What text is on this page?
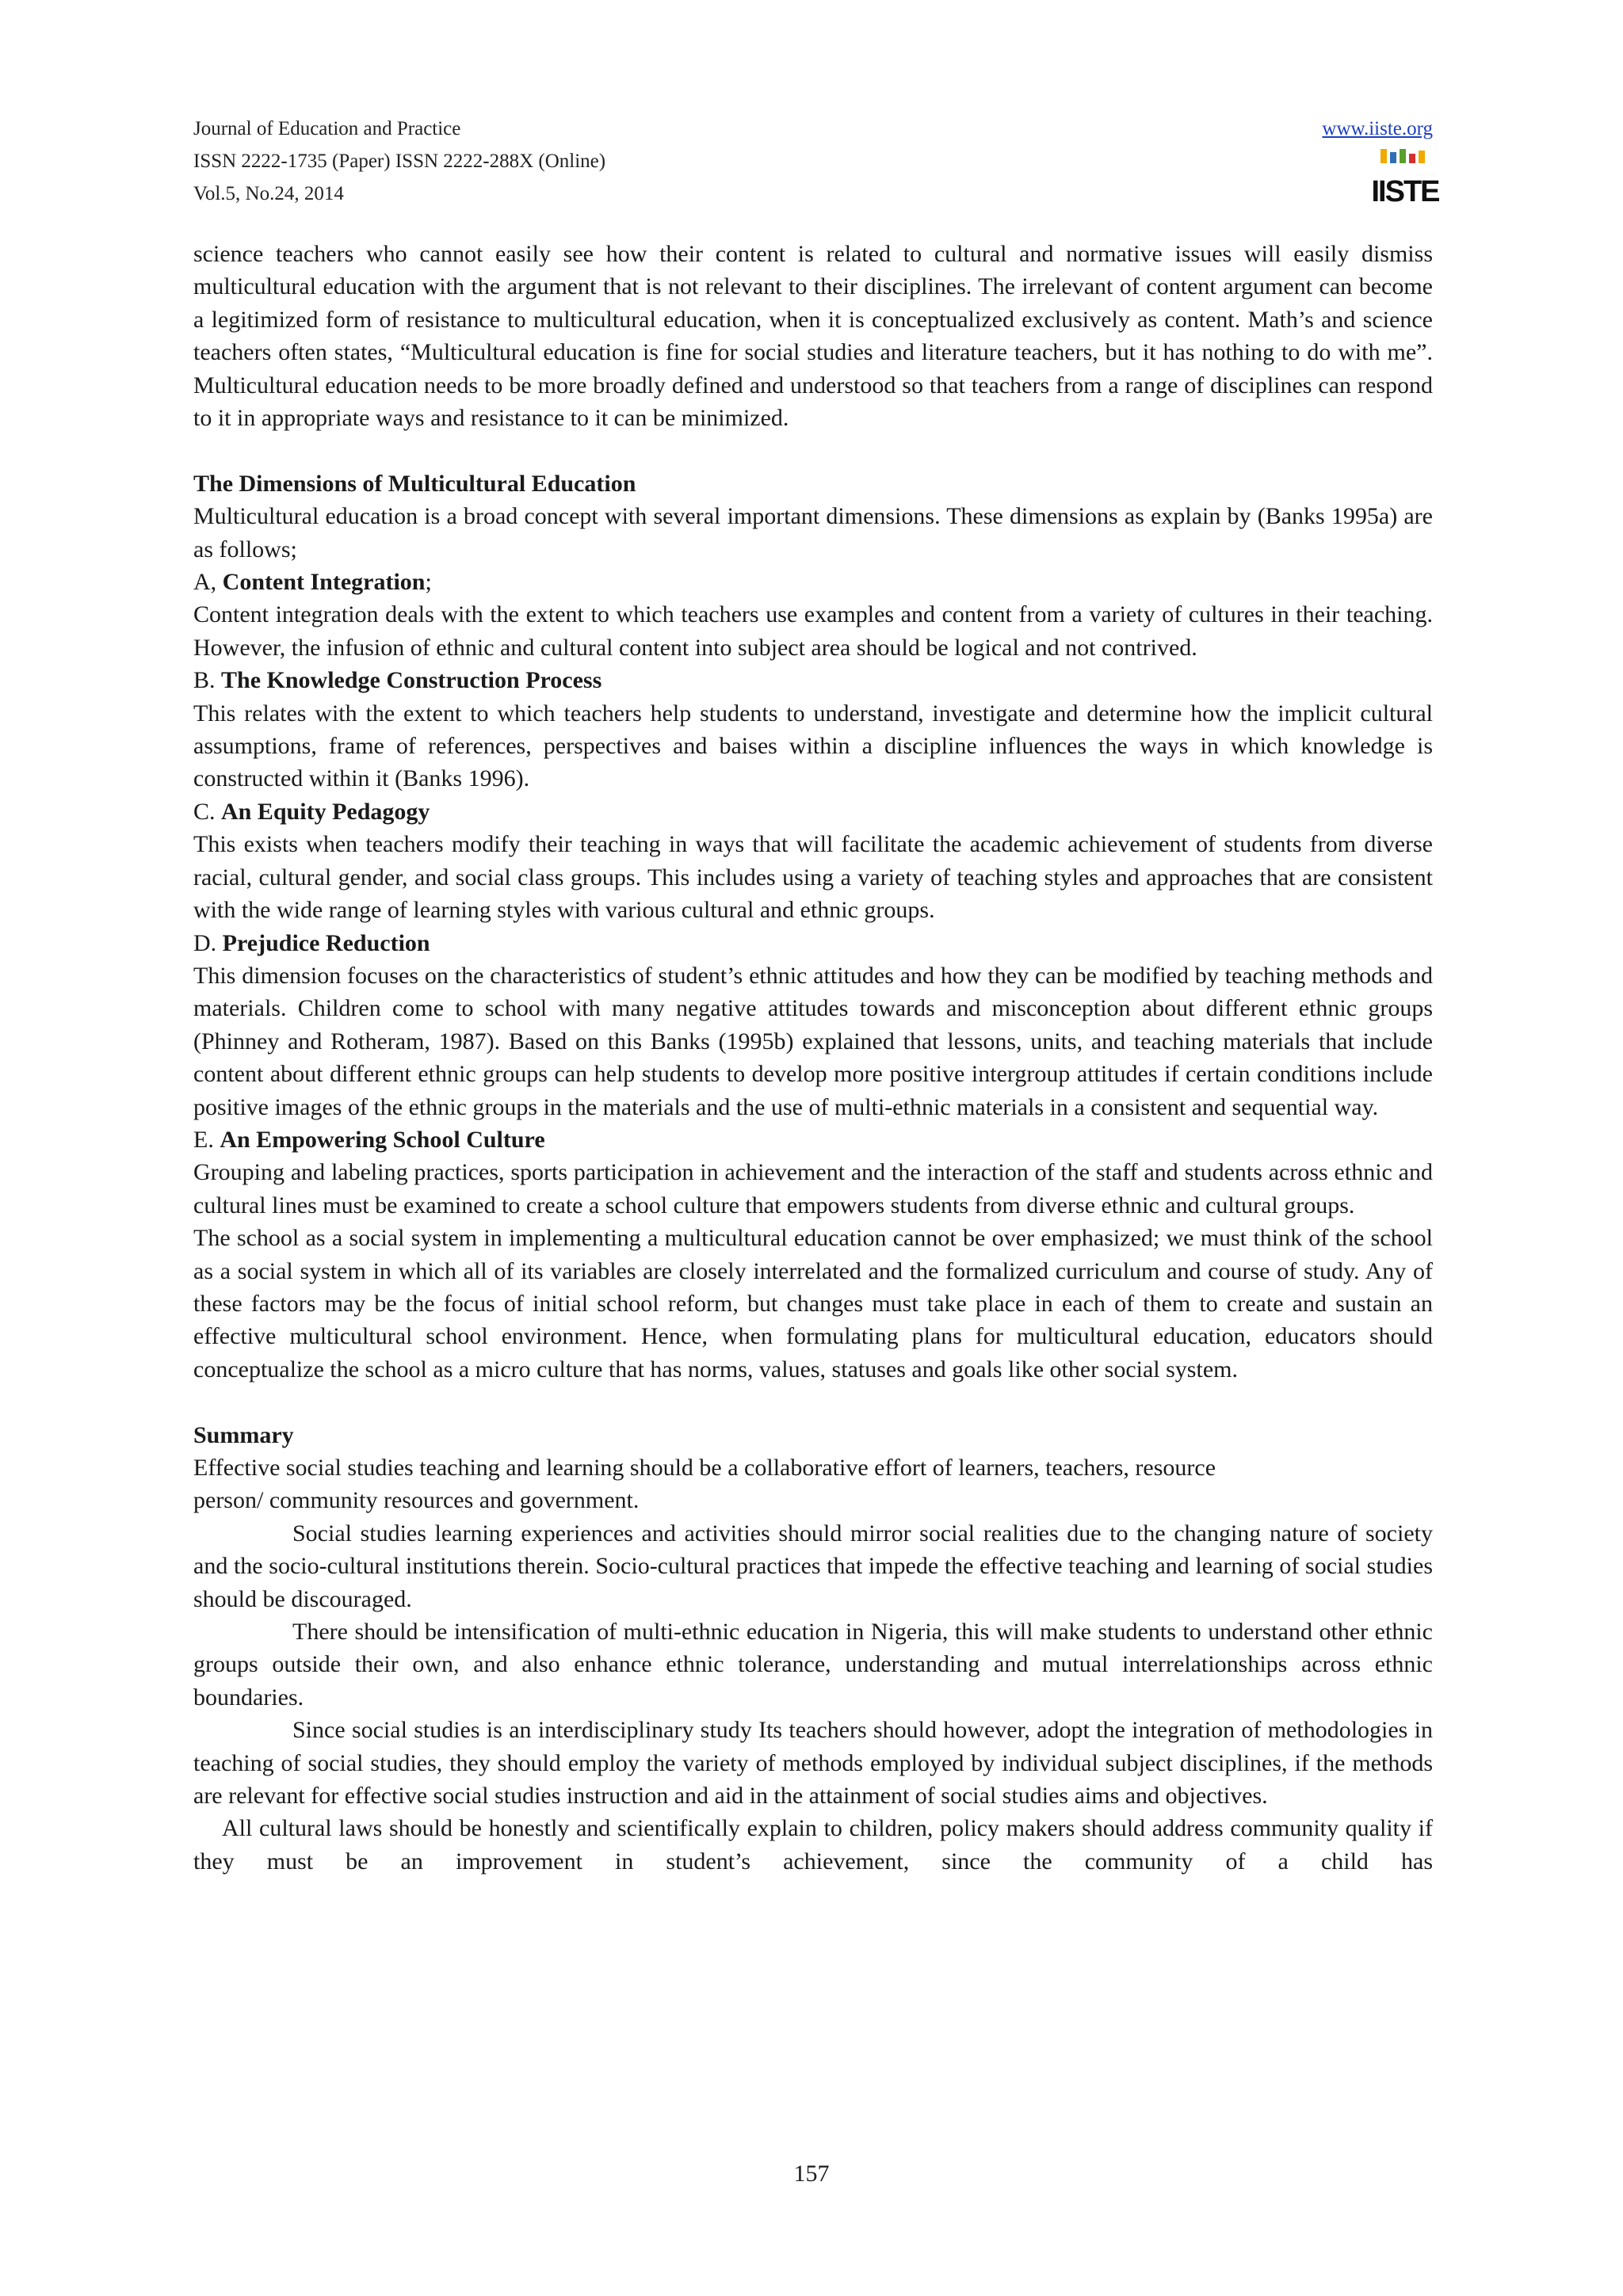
Journal of Education and Practice
ISSN 2222-1735 (Paper) ISSN 2222-288X (Online)
Vol.5, No.24, 2014
www.iiste.org
IISTE

science teachers who cannot easily see how their content is related to cultural and normative issues will easily dismiss multicultural education with the argument that is not relevant to their disciplines. The irrelevant of content argument can become a legitimized form of resistance to multicultural education, when it is conceptualized exclusively as content. Math’s and science teachers often states, “Multicultural education is fine for social studies and literature teachers, but it has nothing to do with me”. Multicultural education needs to be more broadly defined and understood so that teachers from a range of disciplines can respond to it in appropriate ways and resistance to it can be minimized.

The Dimensions of Multicultural Education

Multicultural education is a broad concept with several important dimensions. These dimensions as explain by (Banks 1995a) are as follows;

A, Content Integration;

Content integration deals with the extent to which teachers use examples and content from a variety of cultures in their teaching. However, the infusion of ethnic and cultural content into subject area should be logical and not contrived.

B. The Knowledge Construction Process

This relates with the extent to which teachers help students to understand, investigate and determine how the implicit cultural assumptions, frame of references, perspectives and baises within a discipline influences the ways in which knowledge is constructed within it (Banks 1996).

C. An Equity Pedagogy

This exists when teachers modify their teaching in ways that will facilitate the academic achievement of students from diverse racial, cultural gender, and social class groups. This includes using a variety of teaching styles and approaches that are consistent with the wide range of learning styles with various cultural and ethnic groups.

D. Prejudice Reduction

This dimension focuses on the characteristics of student’s ethnic attitudes and how they can be modified by teaching methods and materials. Children come to school with many negative attitudes towards and misconception about different ethnic groups (Phinney and Rotheram, 1987). Based on this Banks (1995b) explained that lessons, units, and teaching materials that include content about different ethnic groups can help students to develop more positive intergroup attitudes if certain conditions include positive images of the ethnic groups in the materials and the use of multi-ethnic materials in a consistent and sequential way.

E. An Empowering School Culture

Grouping and labeling practices, sports participation in achievement and the interaction of the staff and students across ethnic and cultural lines must be examined to create a school culture that empowers students from diverse ethnic and cultural groups.

The school as a social system in implementing a multicultural education cannot be over emphasized; we must think of the school as a social system in which all of its variables are closely interrelated and the formalized curriculum and course of study. Any of these factors may be the focus of initial school reform, but changes must take place in each of them to create and sustain an effective multicultural school environment. Hence, when formulating plans for multicultural education, educators should conceptualize the school as a micro culture that has norms, values, statuses and goals like other social system.

Summary

Effective social studies teaching and learning should be a collaborative effort of learners, teachers, resource

person/ community resources and government.

Social studies learning experiences and activities should mirror social realities due to the changing nature of society and the socio-cultural institutions therein. Socio-cultural practices that impede the effective teaching and learning of social studies should be discouraged.

There should be intensification of multi-ethnic education in Nigeria, this will make students to understand other ethnic groups outside their own, and also enhance ethnic tolerance, understanding and mutual interrelationships across ethnic boundaries.

Since social studies is an interdisciplinary study Its teachers should however, adopt the integration of methodologies in teaching of social studies, they should employ the variety of methods employed by individual subject disciplines, if the methods are relevant for effective social studies instruction and aid in the attainment of social studies aims and objectives.

All cultural laws should be honestly and scientifically explain to children, policy makers should address community quality if they must be an improvement in student’s achievement, since the community of a child has

157
